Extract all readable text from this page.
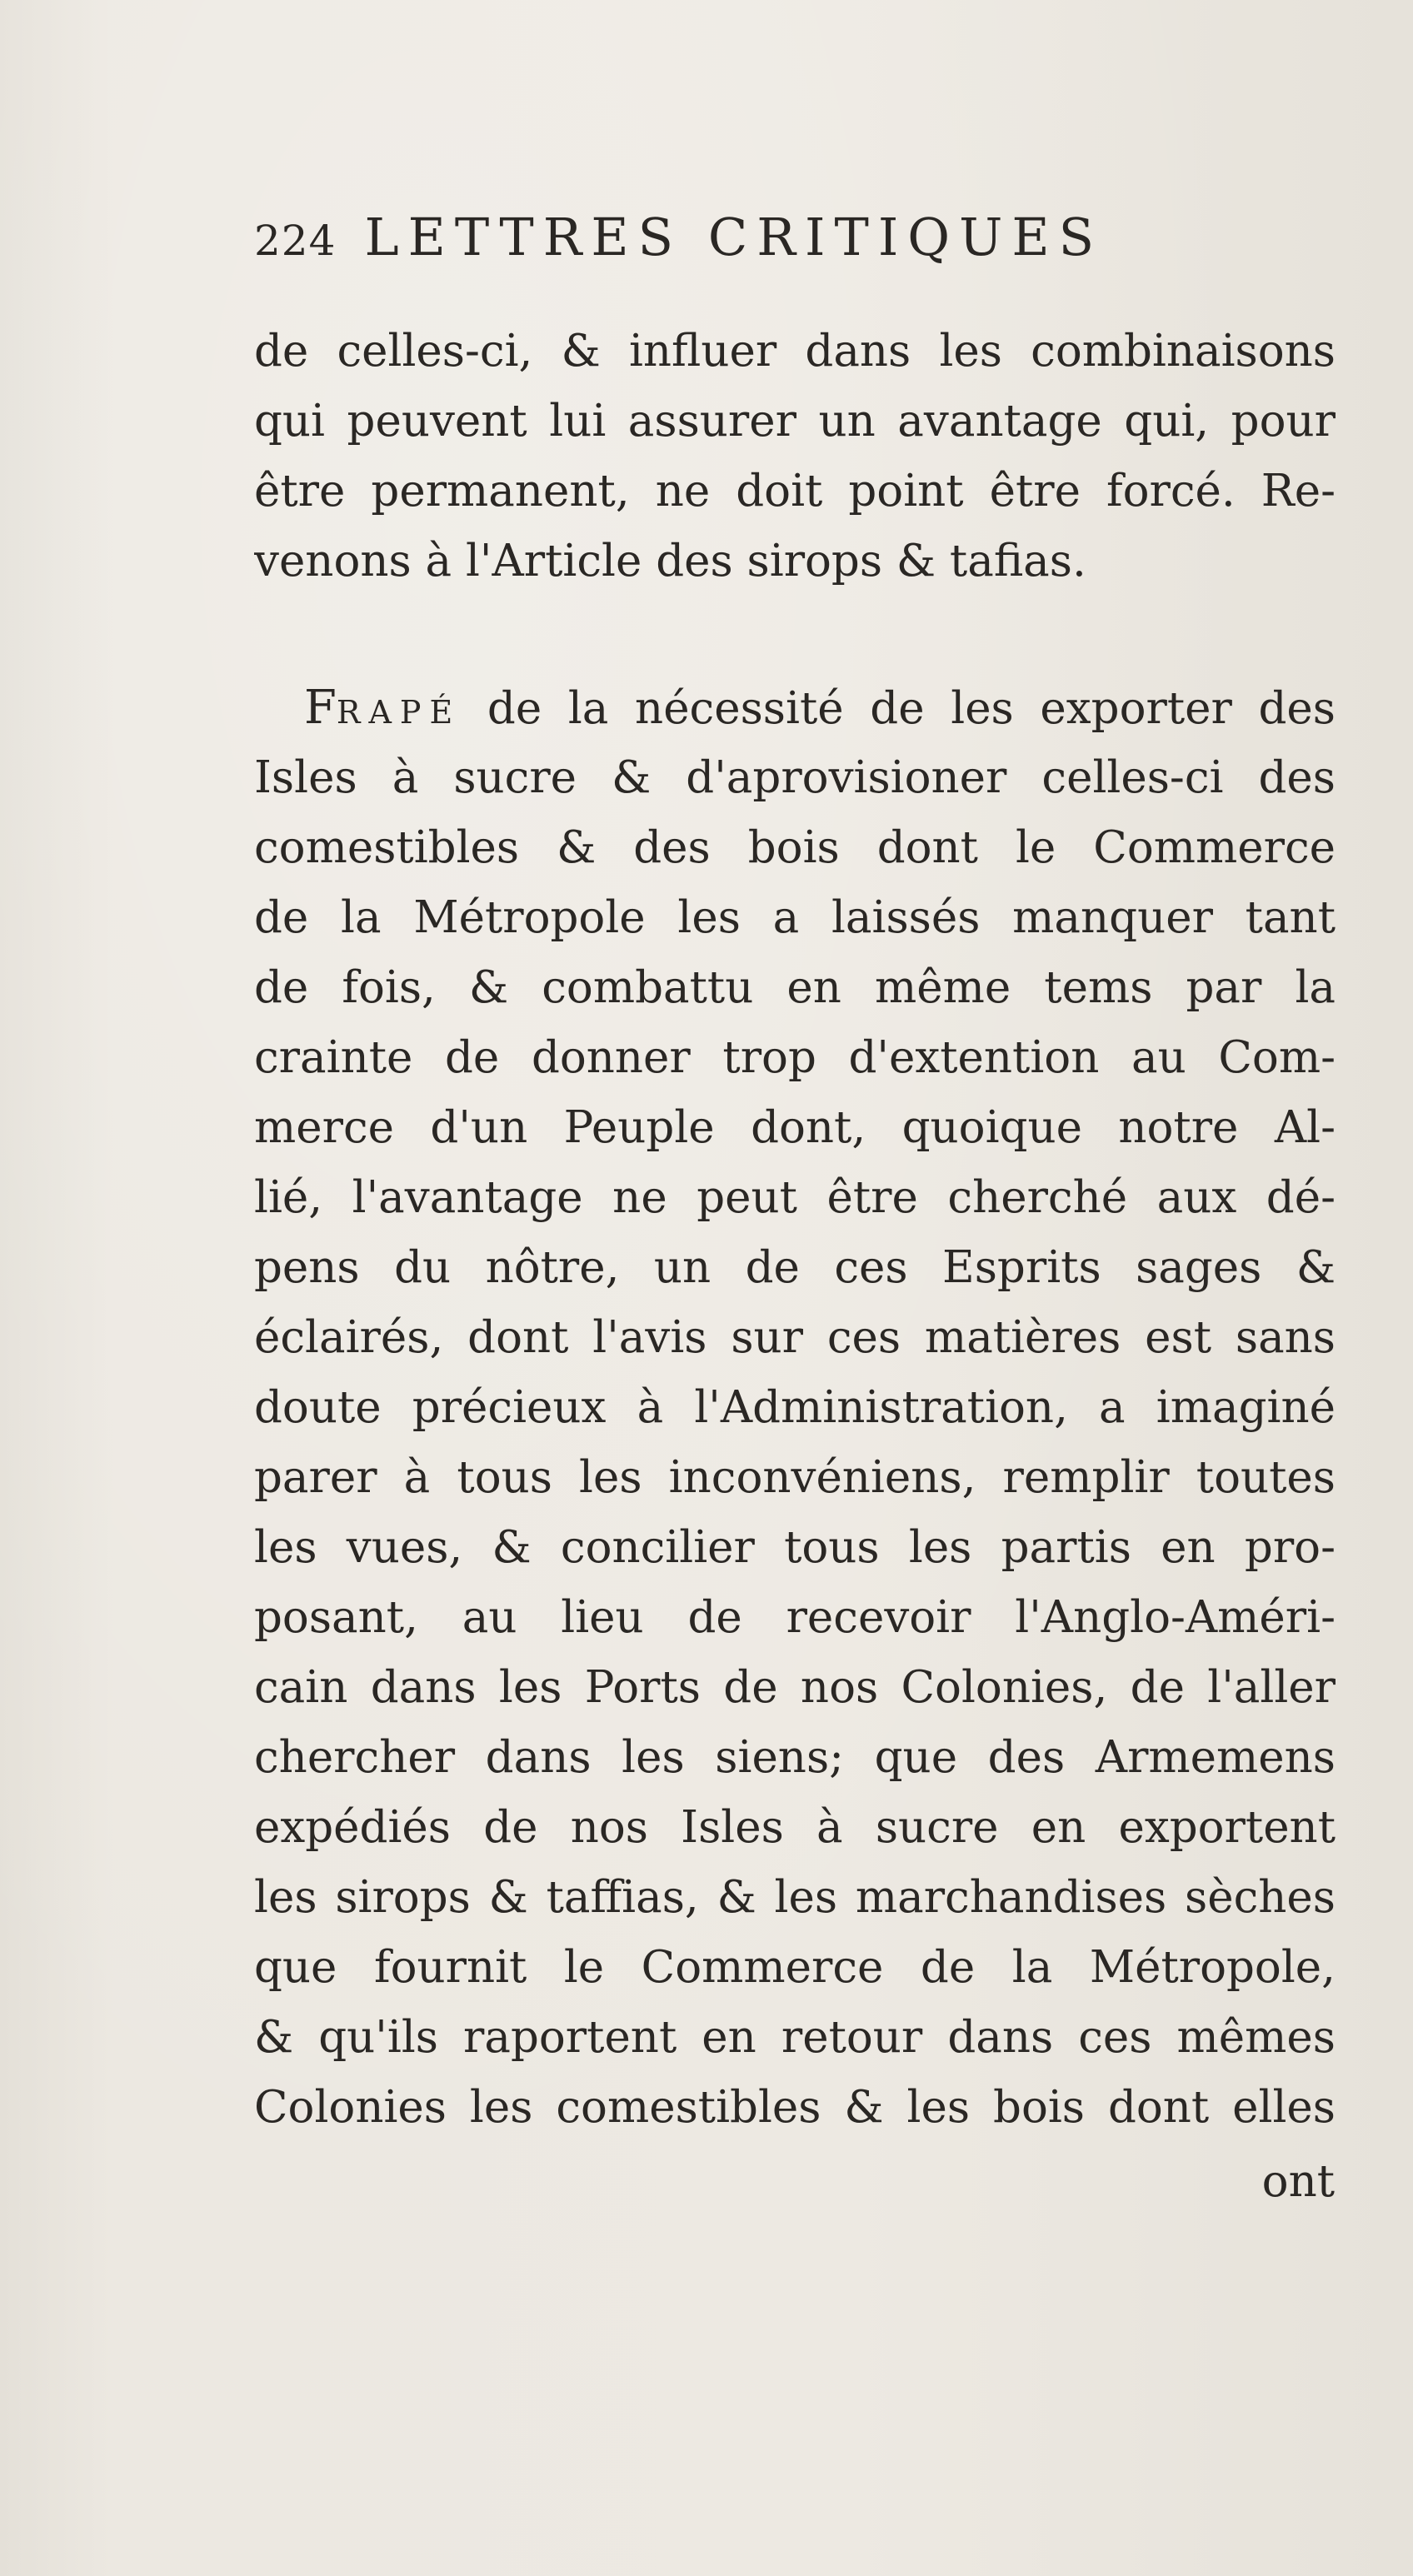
224 LETTRES CRITIQUES
de celles-ci, & influer dans les combinaisons
qui peuvent lui assurer un avantage qui, pour
être permanent, ne doit point être forcé. Re-
venons à l'Article des sirops & tafias.
FRAPÉ de la nécessité de les exporter des
Isles à sucre & d'aprovisioner celles-ci des
comestibles & des bois dont le Commerce
de la Métropole les a laissés manquer tant
de fois, & combattu en même tems par la
crainte de donner trop d'extention au Com-
merce d'un Peuple dont, quoique notre Al-
lié, l'avantage ne peut être cherché aux dé-
pens du nôtre, un de ces Esprits sages &
éclairés, dont l'avis sur ces matières est sans
doute précieux à l'Administration, a imaginé
parer à tous les inconvéniens, remplir toutes
les vues, & concilier tous les partis en pro-
posant, au lieu de recevoir l'Anglo-Améri-
cain dans les Ports de nos Colonies, de l'aller
chercher dans les siens; que des Armemens
expédiés de nos Isles à sucre en exportent
les sirops & taffias, & les marchandises sèches
que fournit le Commerce de la Métropole,
& qu'ils raportent en retour dans ces mêmes
Colonies les comestibles & les bois dont elles
ont
